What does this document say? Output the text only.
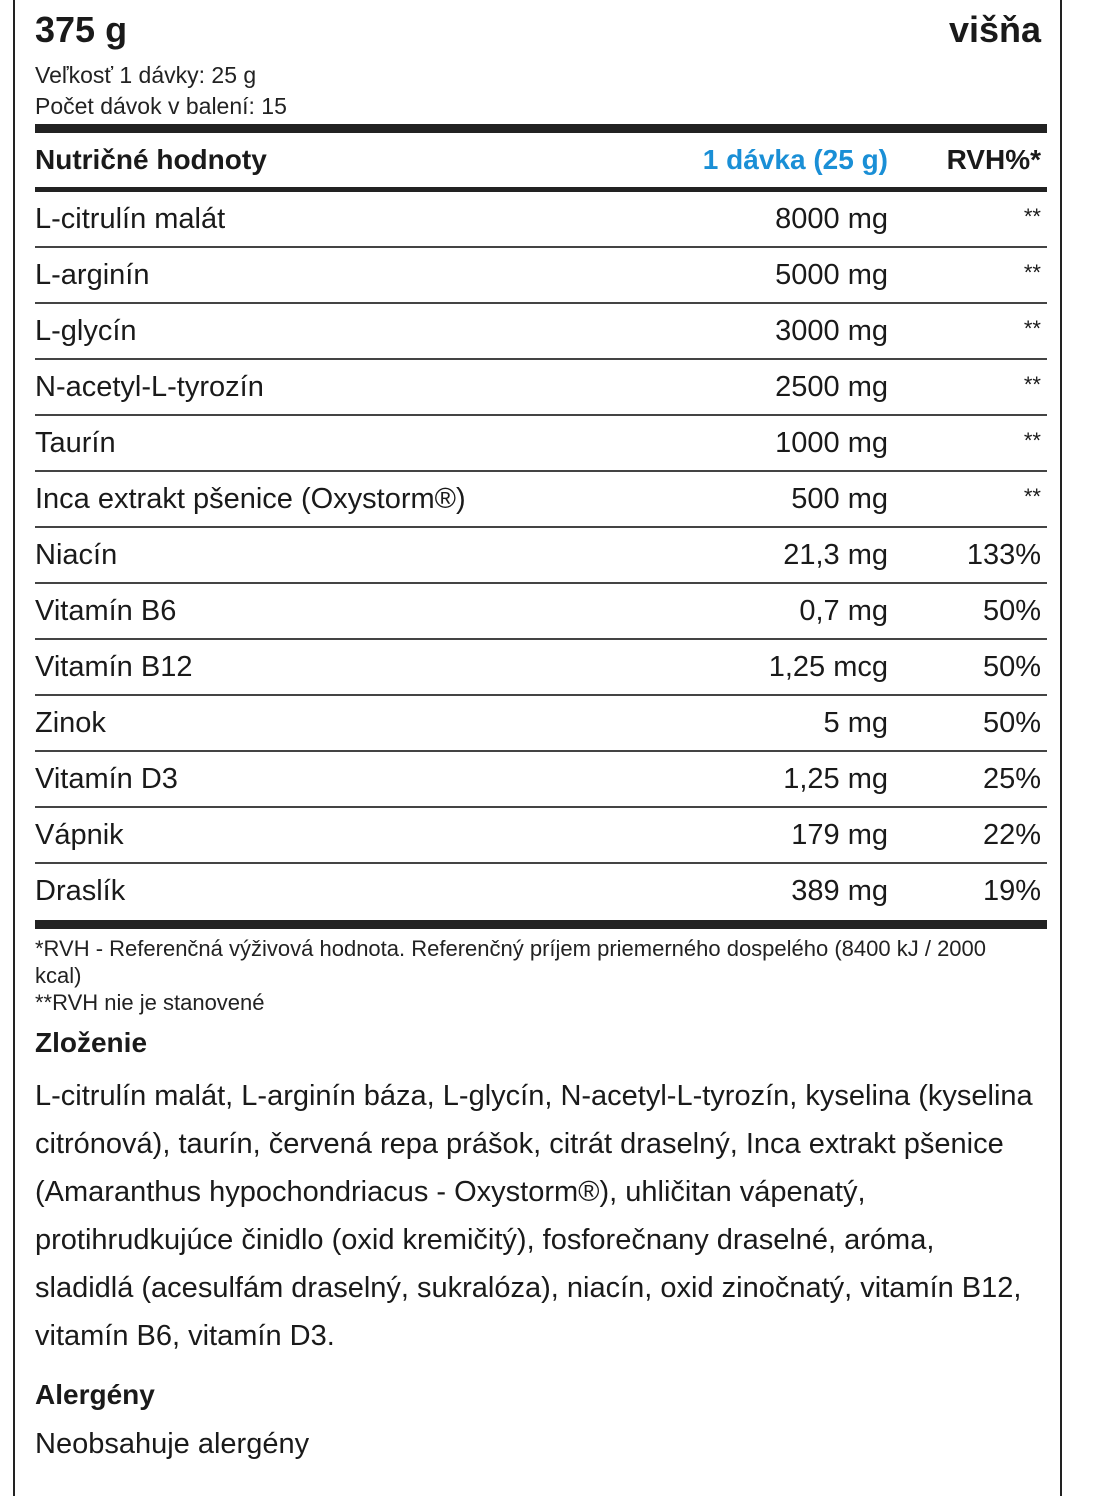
375 g	višňa
Veľkosť 1 dávky: 25 g
Počet dávok v balení: 15
Nutričné hodnoty	1 dávka (25 g)	RVH%*

L-citrulín malát	8000 mg	**
L-arginín	5000 mg	**
L-glycín	3000 mg	**
N-acetyl-L-tyrozín	2500 mg	**
Taurín	1000 mg	**
Inca extrakt pšenice (Oxystorm®)	500 mg	**
Niacín	21,3 mg	133%
Vitamín B6	0,7 mg	50%
Vitamín B12	1,25 mcg	50%
Zinok	5 mg	50%
Vitamín D3	1,25 mg	25%
Vápnik	179 mg	22%
Draslík	389 mg	19%
*RVH - Referenčná výživová hodnota. Referenčný príjem priemerného dospelého (8400 kJ / 2000 kcal)
**RVH nie je stanovené
Zloženie
L-citrulín malát, L-arginín báza, L-glycín, N-acetyl-L-tyrozín, kyselina (kyselina citrónová), taurín, červená repa prášok, citrát draselný, Inca extrakt pšenice (Amaranthus hypochondriacus - Oxystorm®), uhličitan vápenatý, protihrudkujúce činidlo (oxid kremičitý), fosforečnany draselné, aróma, sladidlá (acesulfám draselný, sukralóza), niacín, oxid zinočnatý, vitamín B12, vitamín B6, vitamín D3.
Alergény
Neobsahuje alergény
